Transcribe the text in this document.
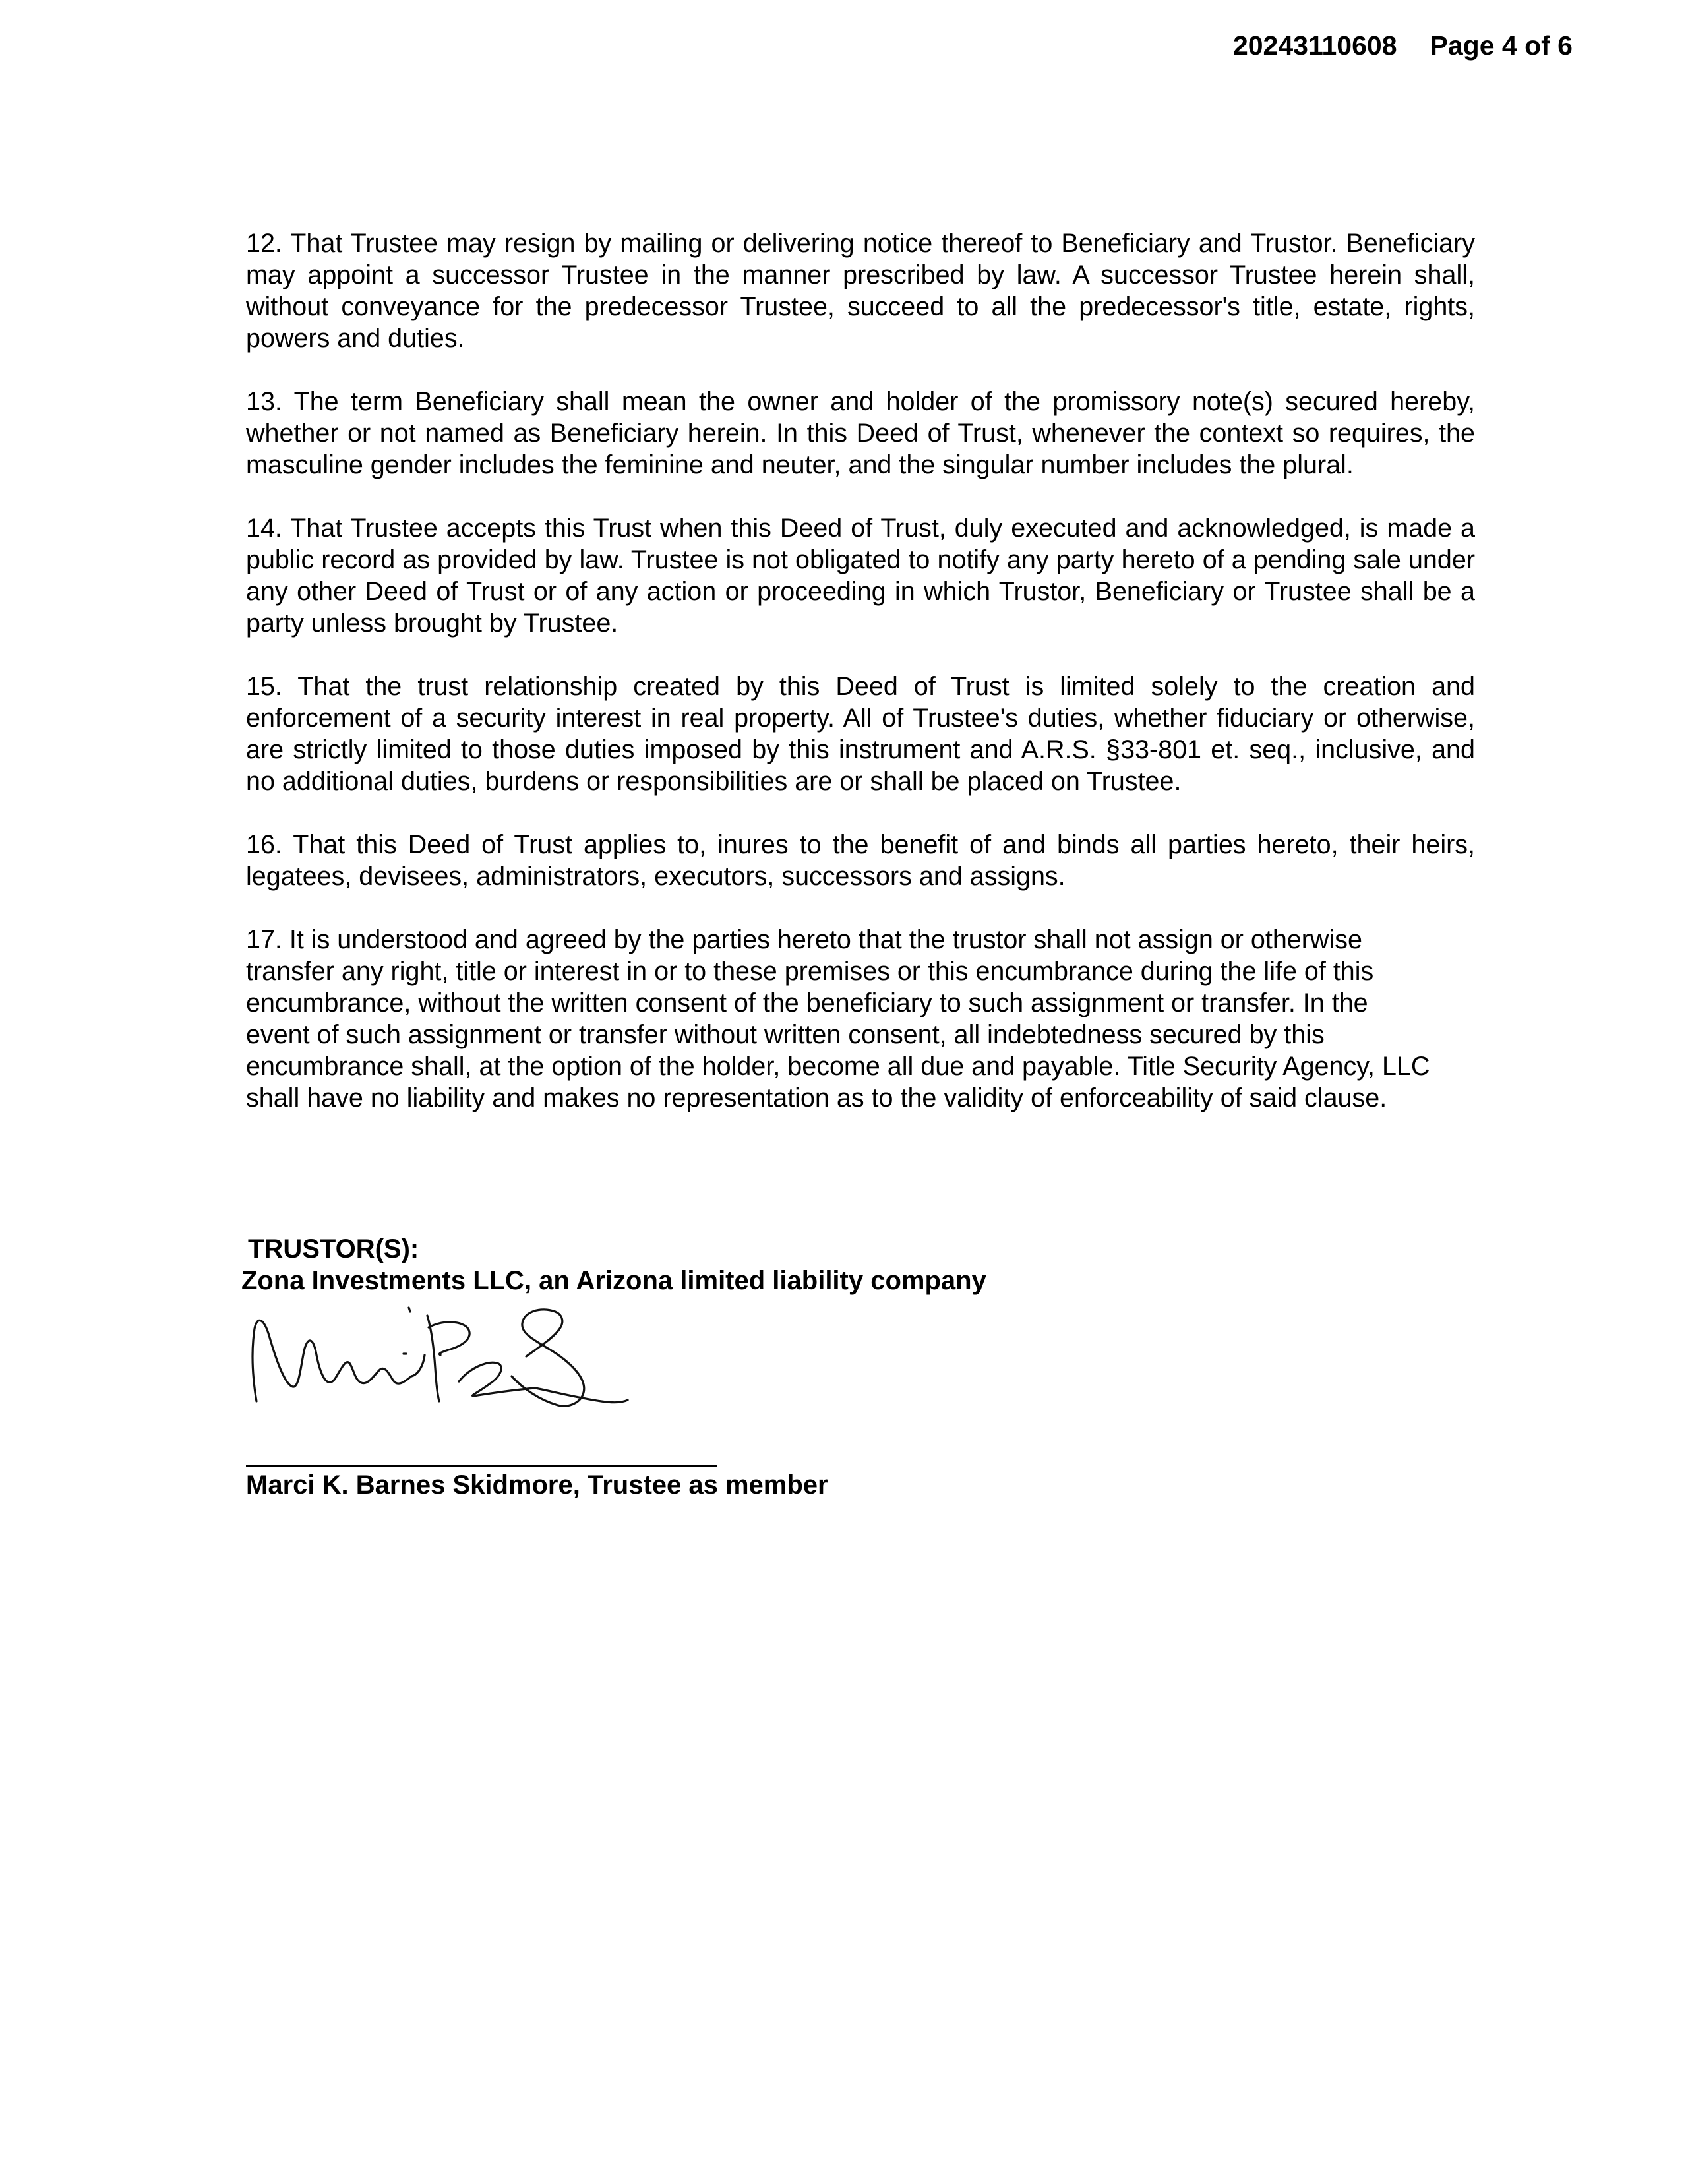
20243110608 Page 4 of 6

12. That Trustee may resign by mailing or delivering notice thereof to Beneficiary and Trustor. Beneficiary may appoint a successor Trustee in the manner prescribed by law. A successor Trustee herein shall, without conveyance for the predecessor Trustee, succeed to all the predecessor's title, estate, rights, powers and duties.

13. The term Beneficiary shall mean the owner and holder of the promissory note(s) secured hereby, whether or not named as Beneficiary herein. In this Deed of Trust, whenever the context so requires, the masculine gender includes the feminine and neuter, and the singular number includes the plural.

14. That Trustee accepts this Trust when this Deed of Trust, duly executed and acknowledged, is made a public record as provided by law. Trustee is not obligated to notify any party hereto of a pending sale under any other Deed of Trust or of any action or proceeding in which Trustor, Beneficiary or Trustee shall be a party unless brought by Trustee.

15. That the trust relationship created by this Deed of Trust is limited solely to the creation and enforcement of a security interest in real property. All of Trustee's duties, whether fiduciary or otherwise, are strictly limited to those duties imposed by this instrument and A.R.S. §33-801 et. seq., inclusive, and no additional duties, burdens or responsibilities are or shall be placed on Trustee.

16. That this Deed of Trust applies to, inures to the benefit of and binds all parties hereto, their heirs, legatees, devisees, administrators, executors, successors and assigns.

17. It is understood and agreed by the parties hereto that the trustor shall not assign or otherwise transfer any right, title or interest in or to these premises or this encumbrance during the life of this encumbrance, without the written consent of the beneficiary to such assignment or transfer. In the event of such assignment or transfer without written consent, all indebtedness secured by this encumbrance shall, at the option of the holder, become all due and payable. Title Security Agency, LLC shall have no liability and makes no representation as to the validity of enforceability of said clause.

TRUSTOR(S):
Zona Investments LLC, an Arizona limited liability company
Marci K. Barnes Skidmore, Trustee as member
